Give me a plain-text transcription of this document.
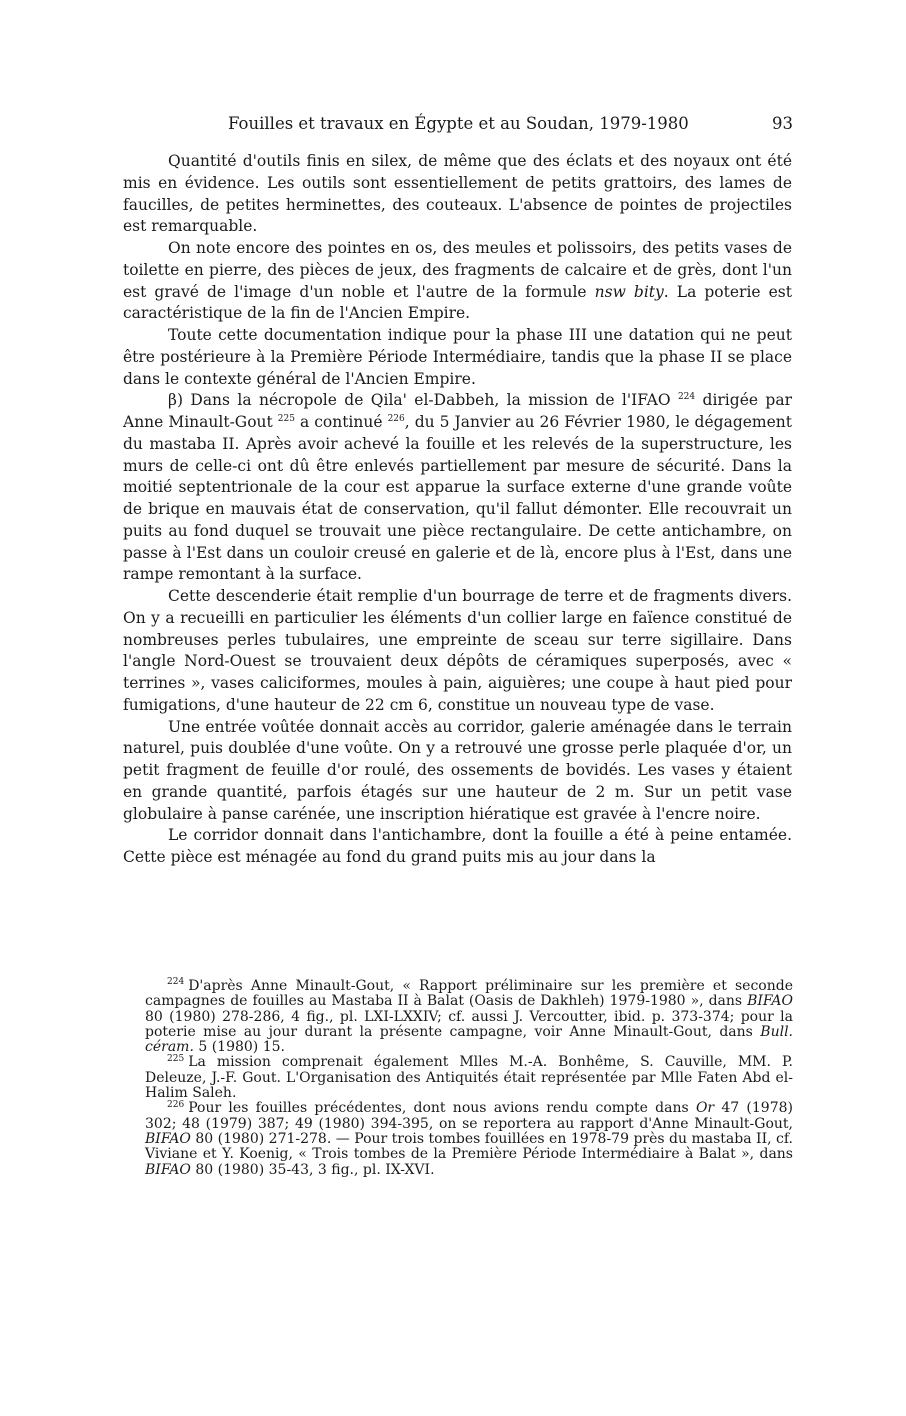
Fouilles et travaux en Égypte et au Soudan, 1979-1980	93

Quantité d'outils finis en silex, de même que des éclats et des noyaux ont été mis en évidence. Les outils sont essentiellement de petits grattoirs, des lames de faucilles, de petites herminettes, des couteaux. L'absence de pointes de projectiles est remarquable.

On note encore des pointes en os, des meules et polissoirs, des petits vases de toilette en pierre, des pièces de jeux, des fragments de calcaire et de grès, dont l'un est gravé de l'image d'un noble et l'autre de la formule nsw bity. La poterie est caractéristique de la fin de l'Ancien Empire.

Toute cette documentation indique pour la phase III une datation qui ne peut être postérieure à la Première Période Intermédiaire, tandis que la phase II se place dans le contexte général de l'Ancien Empire.

β) Dans la nécropole de Qila' el-Dabbeh, la mission de l'IFAO $^{224}$ dirigée par Anne Minault-Gout $^{225}$ a continué $^{226}$, du 5 Janvier au 26 Février 1980, le dégagement du mastaba II. Après avoir achevé la fouille et les relevés de la superstructure, les murs de celle-ci ont dû être enlevés partiellement par mesure de sécurité. Dans la moitié septentrionale de la cour est apparue la surface externe d'une grande voûte de brique en mauvais état de conservation, qu'il fallut démonter. Elle recouvrait un puits au fond duquel se trouvait une pièce rectangulaire. De cette antichambre, on passe à l'Est dans un couloir creusé en galerie et de là, encore plus à l'Est, dans une rampe remontant à la surface.

Cette descenderie était remplie d'un bourrage de terre et de fragments divers. On y a recueilli en particulier les éléments d'un collier large en faïence constitué de nombreuses perles tubulaires, une empreinte de sceau sur terre sigillaire. Dans l'angle Nord-Ouest se trouvaient deux dépôts de céramiques superposés, avec « terrines », vases caliciformes, moules à pain, aiguières; une coupe à haut pied pour fumigations, d'une hauteur de 22 cm 6, constitue un nouveau type de vase.

Une entrée voûtée donnait accès au corridor, galerie aménagée dans le terrain naturel, puis doublée d'une voûte. On y a retrouvé une grosse perle plaquée d'or, un petit fragment de feuille d'or roulé, des ossements de bovidés. Les vases y étaient en grande quantité, parfois étagés sur une hauteur de 2 m. Sur un petit vase globulaire à panse carénée, une inscription hiératique est gravée à l'encre noire.

Le corridor donnait dans l'antichambre, dont la fouille a été à peine entamée. Cette pièce est ménagée au fond du grand puits mis au jour dans la

$^{224}$ D'après Anne Minault-Gout, « Rapport préliminaire sur les première et seconde campagnes de fouilles au Mastaba II à Balat (Oasis de Dakhleh) 1979-1980 », dans BIFAO 80 (1980) 278-286, 4 fig., pl. LXI-LXXIV; cf. aussi J. Vercoutter, ibid. p. 373-374; pour la poterie mise au jour durant la présente campagne, voir Anne Minault-Gout, dans Bull. céram. 5 (1980) 15.

$^{225}$ La mission comprenait également Mlles M.-A. Bonhême, S. Cauville, MM. P. Deleuze, J.-F. Gout. L'Organisation des Antiquités était représentée par Mlle Faten Abd el-Halim Saleh.

$^{226}$ Pour les fouilles précédentes, dont nous avions rendu compte dans Or 47 (1978) 302; 48 (1979) 387; 49 (1980) 394-395, on se reportera au rapport d'Anne Minault-Gout, BIFAO 80 (1980) 271-278. — Pour trois tombes fouillées en 1978-79 près du mastaba II, cf. Viviane et Y. Koenig, « Trois tombes de la Première Période Intermédiaire à Balat », dans BIFAO 80 (1980) 35-43, 3 fig., pl. IX-XVI.
